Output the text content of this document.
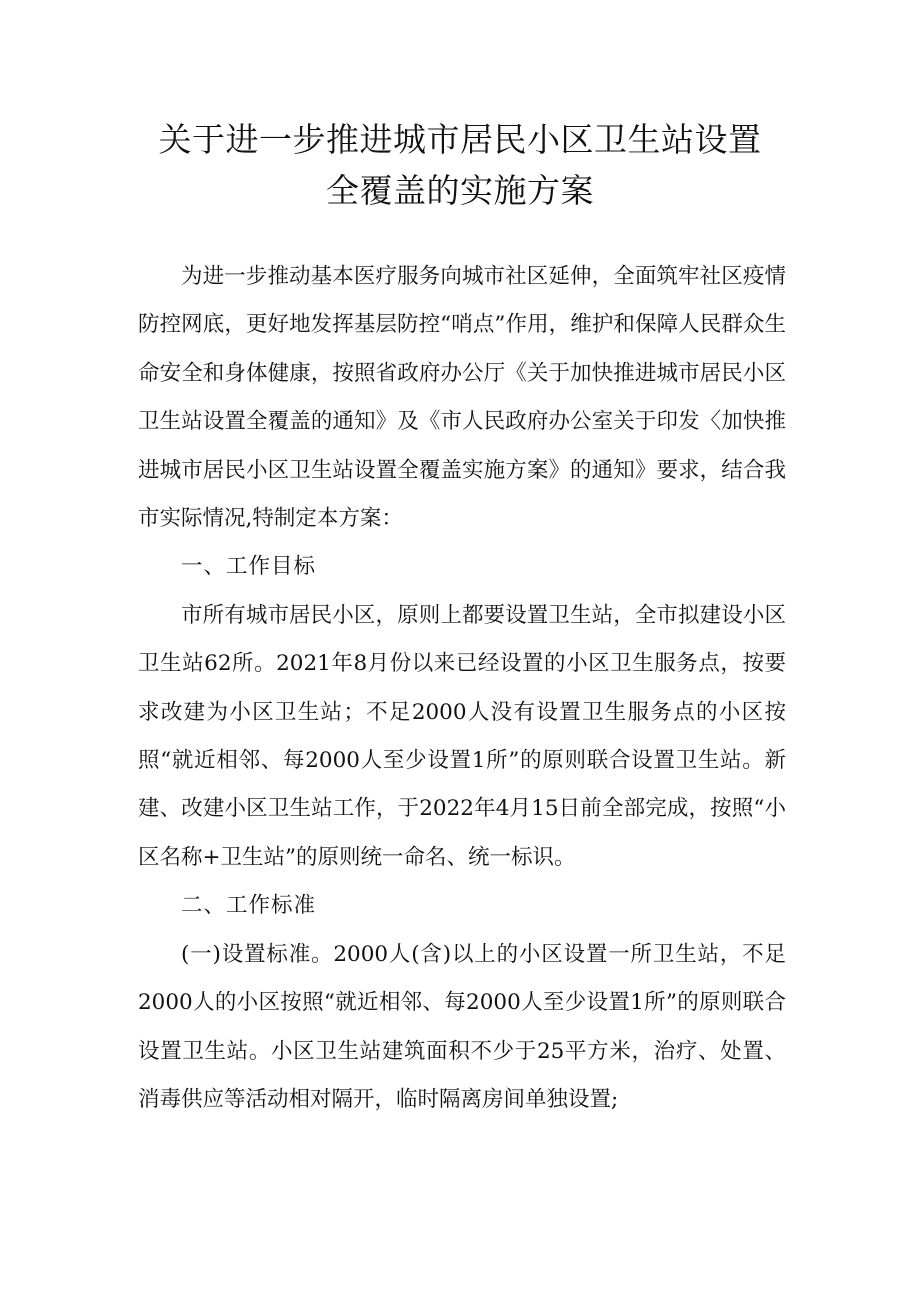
关于进一步推进城市居民小区卫生站设置
全覆盖的实施方案

为进一步推动基本医疗服务向城市社区延伸，全面筑牢社区疫情防控网底，更好地发挥基层防控“哨点”作用，维护和保障人民群众生命安全和身体健康，按照省政府办公厅《关于加快推进城市居民小区卫生站设置全覆盖的通知》及《市人民政府办公室关于印发〈加快推进城市居民小区卫生站设置全覆盖实施方案》的通知》要求，结合我市实际情况,特制定本方案：

一、工作目标

市所有城市居民小区，原则上都要设置卫生站，全市拟建设小区卫生站62所。2021年8月份以来已经设置的小区卫生服务点，按要求改建为小区卫生站；不足2000人没有设置卫生服务点的小区按照“就近相邻、每2000人至少设置1所”的原则联合设置卫生站。新建、改建小区卫生站工作，于2022年4月15日前全部完成，按照“小区名称+卫生站”的原则统一命名、统一标识。

二、工作标准

(一)设置标准。2000人(含)以上的小区设置一所卫生站，不足2000人的小区按照“就近相邻、每2000人至少设置1所”的原则联合设置卫生站。小区卫生站建筑面积不少于25平方米，治疗、处置、消毒供应等活动相对隔开，临时隔离房间单独设置;
